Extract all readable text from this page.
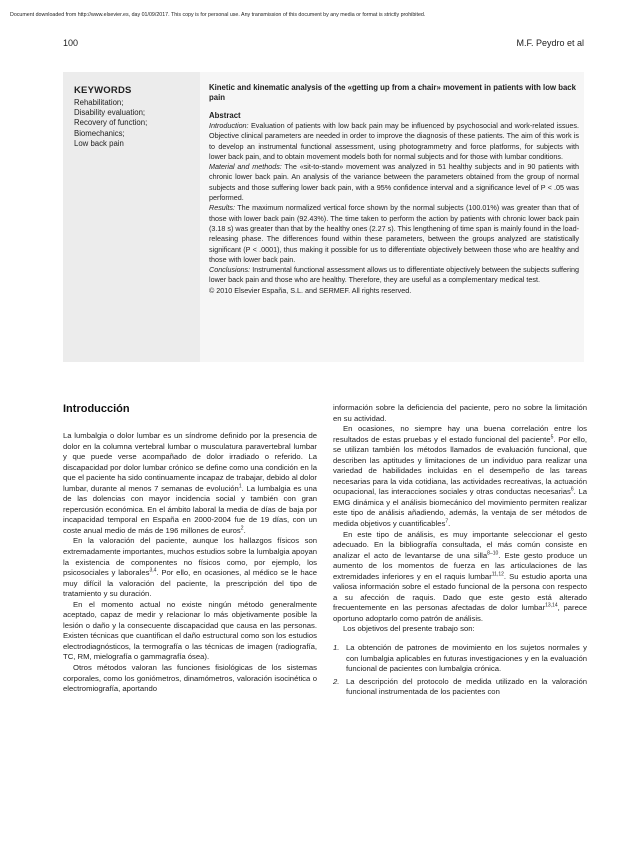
Document downloaded from http://www.elsevier.es, day 01/09/2017. This copy is for personal use. Any transmission of this document by any media or format is strictly prohibited.
100	M.F. Peydro et al
KEYWORDS
Rehabilitation;
Disability evaluation;
Recovery of function;
Biomechanics;
Low back pain
Kinetic and kinematic analysis of the «getting up from a chair» movement in patients with low back pain
Abstract
Introduction: Evaluation of patients with low back pain may be influenced by psychosocial and work-related issues. Objective clinical parameters are needed in order to improve the diagnosis of these patients. The aim of this work is to develop an instrumental functional assessment, using photogrammetry and force platforms, for subjects with lower back pain, and to obtain movement models both for normal subjects and for those with lumbar conditions.
Material and methods: The «sit-to-stand» movement was analyzed in 51 healthy subjects and in 90 patients with chronic lower back pain. An analysis of the variance between the parameters obtained from the group of normal subjects and those suffering lower back pain, with a 95% confidence interval and a significance level of P < .05 was performed.
Results: The maximum normalized vertical force shown by the normal subjects (100.01%) was greater than that of those with lower back pain (92.43%). The time taken to perform the action by patients with chronic lower back pain (3.18 s) was greater than that by the healthy ones (2.27 s). This lengthening of time span is mainly found in the load-releasing phase. The differences found within these parameters, between the groups analyzed are statistically significant (P < .0001), thus making it possible for us to differentiate objectively between those who are healthy and those with lower back pain.
Conclusions: Instrumental functional assessment allows us to differentiate objectively between the subjects suffering lower back pain and those who are healthy. Therefore, they are useful as a complementary medical test.
© 2010 Elsevier España, S.L. and SERMEF. All rights reserved.
Introducción

La lumbalgia o dolor lumbar es un síndrome definido por la presencia de dolor en la columna vertebral lumbar o musculatura paravertebral lumbar y que puede verse acompañado de dolor irradiado o referido. La discapacidad por dolor lumbar crónico se define como una condición en la que el paciente ha sido continuamente incapaz de trabajar, debido al dolor lumbar, durante al menos 7 semanas de evolución$^1$. La lumbalgia es una de las dolencias con mayor incidencia social y también con gran repercusión económica. En el ámbito laboral la media de días de baja por incapacidad temporal en España en 2000-2004 fue de 19 días, con un coste anual medio de más de 196 millones de euros$^2$.

En la valoración del paciente, aunque los hallazgos físicos son extremadamente importantes, muchos estudios sobre la lumbalgia apoyan la existencia de componentes no físicos como, por ejemplo, los psicosociales y laborales$^{3,4}$. Por ello, en ocasiones, al médico se le hace muy difícil la valoración del paciente, la prescripción del tipo de tratamiento y su duración.

En el momento actual no existe ningún método generalmente aceptado, capaz de medir y relacionar lo más objetivamente posible la lesión o daño y la consecuente discapacidad que causa en las personas. Existen técnicas que cuantifican el daño estructural como son los estudios electrodiagnósticos, la termografía o las técnicas de imagen (radiografía, TC, RM, mielografía o gammagrafía ósea).

Otros métodos valoran las funciones fisiológicas de los sistemas corporales, como los goniómetros, dinamómetros, valoración isocinética o electromiografía, aportando

información sobre la deficiencia del paciente, pero no sobre la limitación en su actividad.

En ocasiones, no siempre hay una buena correlación entre los resultados de estas pruebas y el estado funcional del paciente$^5$. Por ello, se utilizan también los métodos llamados de evaluación funcional, que describen las aptitudes y limitaciones de un individuo para realizar una variedad de habilidades incluidas en el desempeño de las tareas necesarias para la vida cotidiana, las actividades recreativas, la actuación ocupacional, las interacciones sociales y otras conductas necesarias$^6$. La EMG dinámica y el análisis biomecánico del movimiento permiten realizar este tipo de análisis añadiendo, además, la ventaja de ser métodos de medida objetivos y cuantificables$^7$.

En este tipo de análisis, es muy importante seleccionar el gesto adecuado. En la bibliografía consultada, el más común consiste en analizar el acto de levantarse de una silla$^{8-10}$. Este gesto produce un aumento de los momentos de fuerza en las articulaciones de las extremidades inferiores y en el raquis lumbar$^{11,12}$. Su estudio aporta una valiosa información sobre el estado funcional de la persona con respecto a su afección de raquis. Dado que este gesto está alterado frecuentemente en las personas afectadas de dolor lumbar$^{13,14}$, parece oportuno adoptarlo como patrón de análisis.

Los objetivos del presente trabajo son:

1. La obtención de patrones de movimiento en los sujetos normales y con lumbalgia aplicables en futuras investigaciones y en la evaluación funcional de pacientes con lumbalgia crónica.
2. La descripción del protocolo de medida utilizado en la valoración funcional instrumentada de los pacientes con
